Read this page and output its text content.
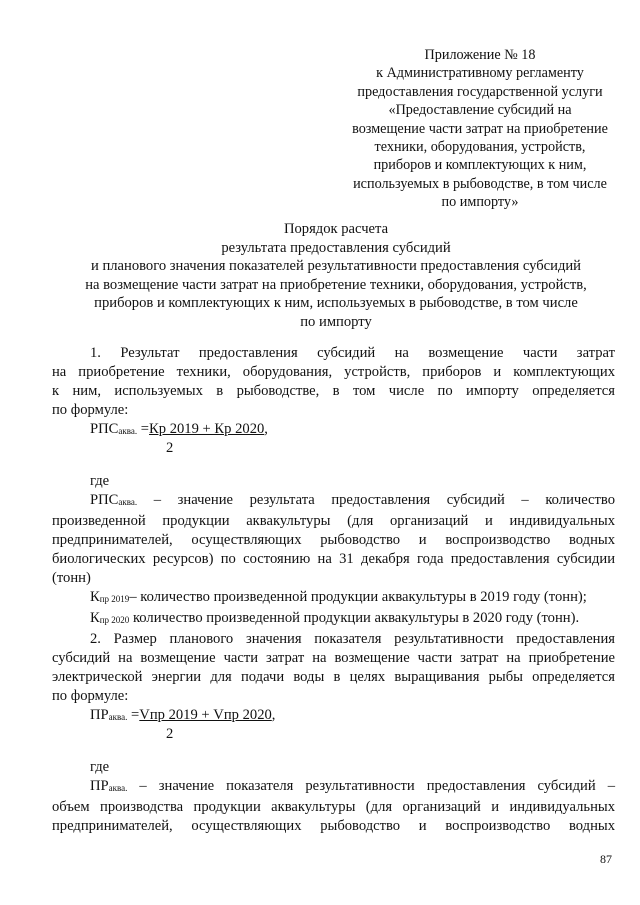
Приложение № 18
к Административному регламенту
предоставления государственной услуги
«Предоставление субсидий на
возмещение части затрат на приобретение
техники, оборудования, устройств,
приборов и комплектующих к ним,
используемых в рыбоводстве, в том числе
по импорту»
Порядок расчета
результата предоставления субсидий
и планового значения показателей результативности предоставления субсидий
на возмещение части затрат на приобретение техники, оборудования, устройств,
приборов и комплектующих к ним, используемых в рыбоводстве, в том числе
по импорту
1. Результат предоставления субсидий на возмещение части затрат
на приобретение техники, оборудования, устройств, приборов и комплектующих
к ним, используемых в рыбоводстве, в том числе по импорту определяется
по формуле:
$РПС_{аква.} =Кр$ 2019 + Кр 2020,
2
где
$РПС_{аква.}$ – значение результата предоставления субсидий – количество
произведенной продукции аквакультуры (для организаций и индивидуальных
предпринимателей, осуществляющих рыбоводство и воспроизводство водных
биологических ресурсов) по состоянию на 31 декабря года предоставления субсидии
(тонн)
$К_{пр 2019}-$ количество произведенной продукции аквакультуры в 2019 году (тонн);
$К_{пр 2020}$ количество произведенной продукции аквакультуры в 2020 году (тонн).
2. Размер планового значения показателя результативности предоставления
субсидий на возмещение части затрат на возмещение части затрат на приобретение
электрической энергии для подачи воды в целях выращивания рыбы определяется
по формуле:
$ПР_{аква.} =Vпр$ 2019 + Vпр 2020,
2
где
$ПР_{аква.}$ – значение показателя результативности предоставления субсидий –
объем производства продукции аквакультуры (для организаций и индивидуальных
предпринимателей, осуществляющих рыбоводство и воспроизводство водных
87
